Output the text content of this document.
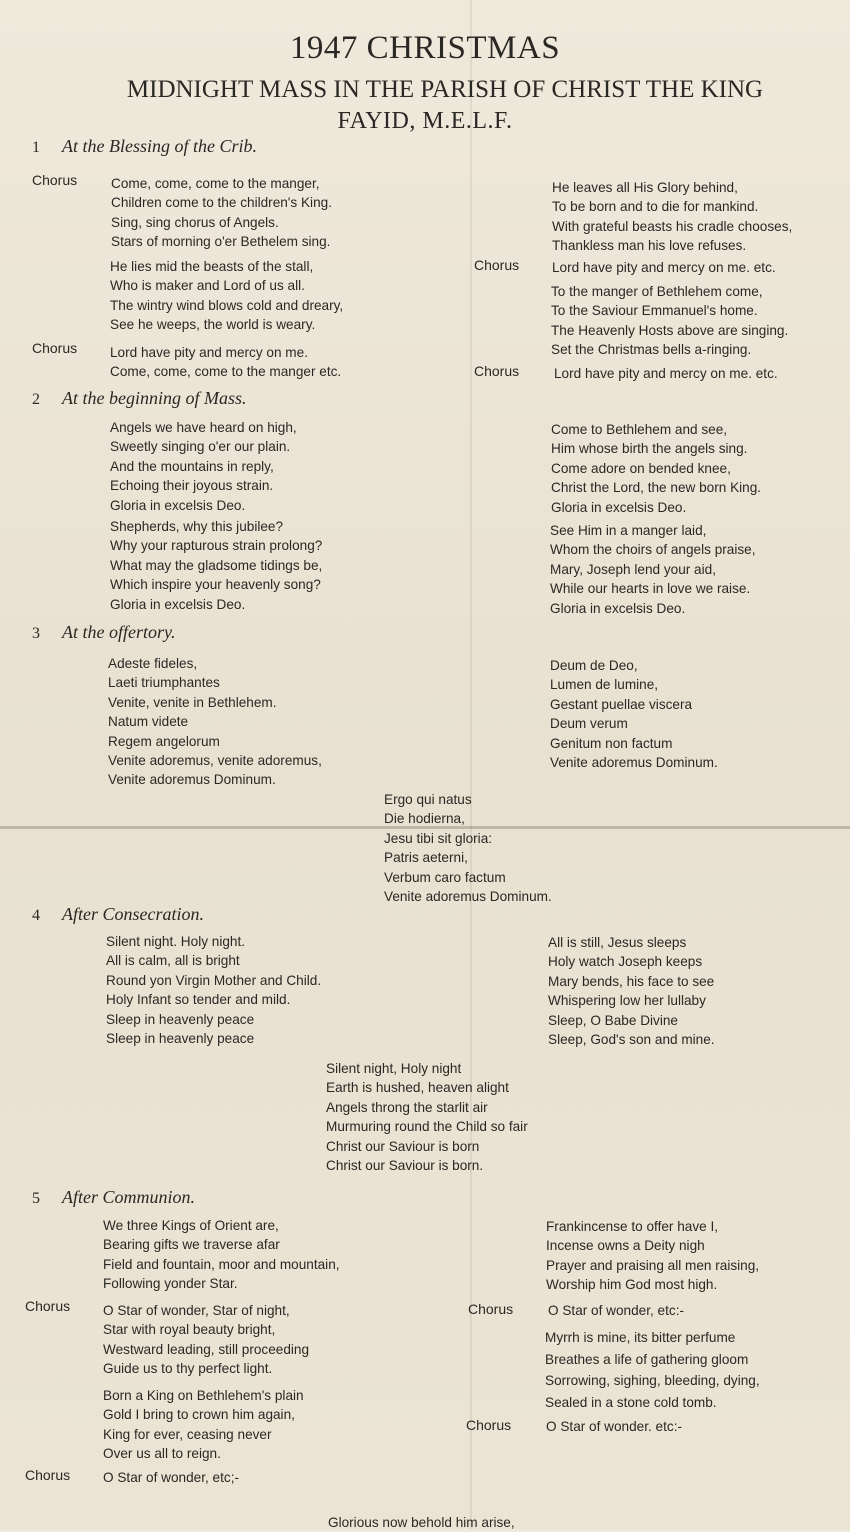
1947 CHRISTMAS
MIDNIGHT MASS IN THE PARISH OF CHRIST THE KING
FAYID, M.E.L.F.
1 At the Blessing of the Crib.
2 At the beginning of Mass.
3 At the offertory.
4 After Consecration.
5 After Communion.
Chorus
Chorus
Chorus
Chorus
Chorus
Chorus
Chorus
Chorus
Come, come, come to the manger,
Children come to the children's King.
Sing, sing chorus of Angels.
Stars of morning o'er Bethelem sing.
He lies mid the beasts of the stall,
Who is maker and Lord of us all.
The wintry wind blows cold and dreary,
See he weeps, the world is weary.
Lord have pity and mercy on me.
Come, come, come to the manger etc.
He leaves all His Glory behind,
To be born and to die for mankind.
With grateful beasts his cradle chooses,
Thankless man his love refuses.
Lord have pity and mercy on me. etc.
To the manger of Bethlehem come,
To the Saviour Emmanuel's home.
The Heavenly Hosts above are singing.
Set the Christmas bells a-ringing.
Lord have pity and mercy on me. etc.
Angels we have heard on high,
Sweetly singing o'er our plain.
And the mountains in reply,
Echoing their joyous strain.
Gloria in excelsis Deo.
Shepherds, why this jubilee?
Why your rapturous strain prolong?
What may the gladsome tidings be,
Which inspire your heavenly song?
Gloria in excelsis Deo.
Come to Bethlehem and see,
Him whose birth the angels sing.
Come adore on bended knee,
Christ the Lord, the new born King.
Gloria in excelsis Deo.
See Him in a manger laid,
Whom the choirs of angels praise,
Mary, Joseph lend your aid,
While our hearts in love we raise.
Gloria in excelsis Deo.
Adeste fideles,
Laeti triumphantes
Venite, venite in Bethlehem.
Natum videte
Regem angelorum
Venite adoremus, venite adoremus,
Venite adoremus Dominum.
Deum de Deo,
Lumen de lumine,
Gestant puellae viscera
Deum verum
Genitum non factum
Venite adoremus Dominum.
Ergo qui natus
Die hodierna,
Jesu tibi sit gloria:
Patris aeterni,
Verbum caro factum
Venite adoremus Dominum.
Silent night. Holy night.
All is calm, all is bright
Round yon Virgin Mother and Child.
Holy Infant so tender and mild.
Sleep in heavenly peace
Sleep in heavenly peace
All is still, Jesus sleeps
Holy watch Joseph keeps
Mary bends, his face to see
Whispering low her lullaby
Sleep, O Babe Divine
Sleep, God's son and mine.
Silent night, Holy night
Earth is hushed, heaven alight
Angels throng the starlit air
Murmuring round the Child so fair
Christ our Saviour is born
Christ our Saviour is born.
We three Kings of Orient are,
Bearing gifts we traverse afar
Field and fountain, moor and mountain,
Following yonder Star.
O Star of wonder, Star of night,
Star with royal beauty bright,
Westward leading, still proceeding
Guide us to thy perfect light.
Born a King on Bethlehem's plain
Gold I bring to crown him again,
King for ever, ceasing never
Over us all to reign.
O Star of wonder, etc;-
Frankincense to offer have I,
Incense owns a Deity nigh
Prayer and praising all men raising,
Worship him God most high.
O Star of wonder, etc:-
Myrrh is mine, its bitter perfume
Breathes a life of gathering gloom
Sorrowing, sighing, bleeding, dying,
Sealed in a stone cold tomb.
O Star of wonder. etc:-
Glorious now behold him arise,
